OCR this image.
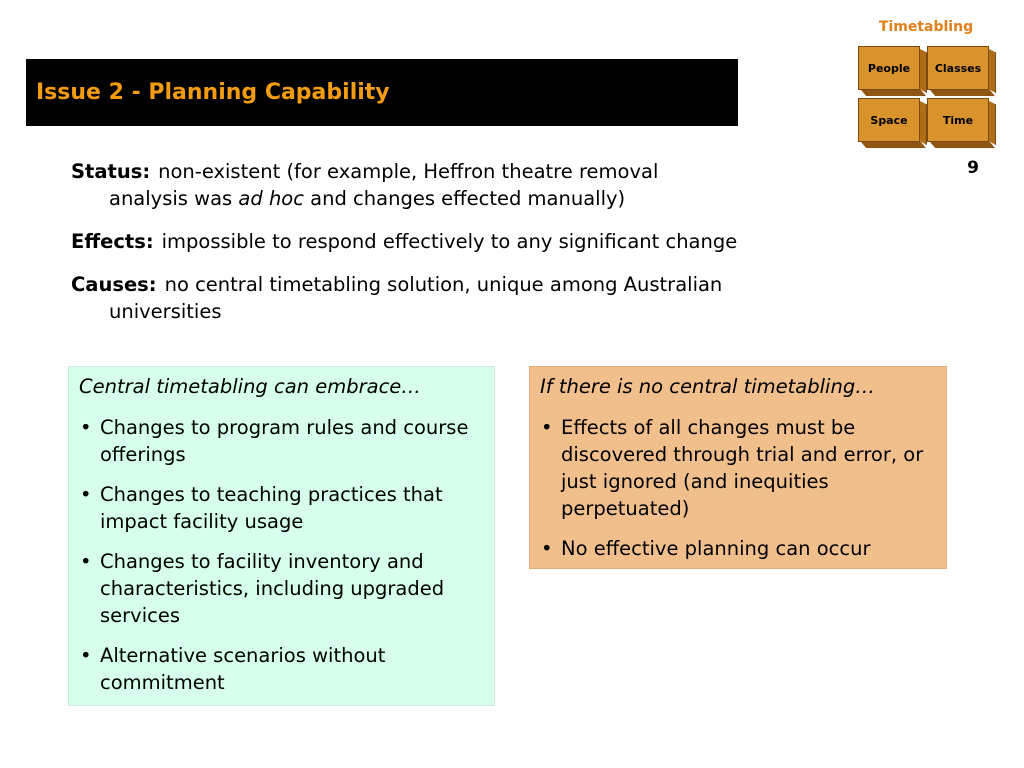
Issue 2 - Planning Capability
Timetabling
People	Classes
Space	Time
9
Status: non-existent (for example, Heffron theatre removal
analysis was ad hoc and changes effected manually)
Effects: impossible to respond effectively to any significant change
Causes: no central timetabling solution, unique among Australian
universities
Central timetabling can embrace…
• Changes to program rules and course offerings
• Changes to teaching practices that impact facility usage
• Changes to facility inventory and characteristics, including upgraded services
• Alternative scenarios without commitment
If there is no central timetabling…
• Effects of all changes must be discovered through trial and error, or just ignored (and inequities perpetuated)
• No effective planning can occur
